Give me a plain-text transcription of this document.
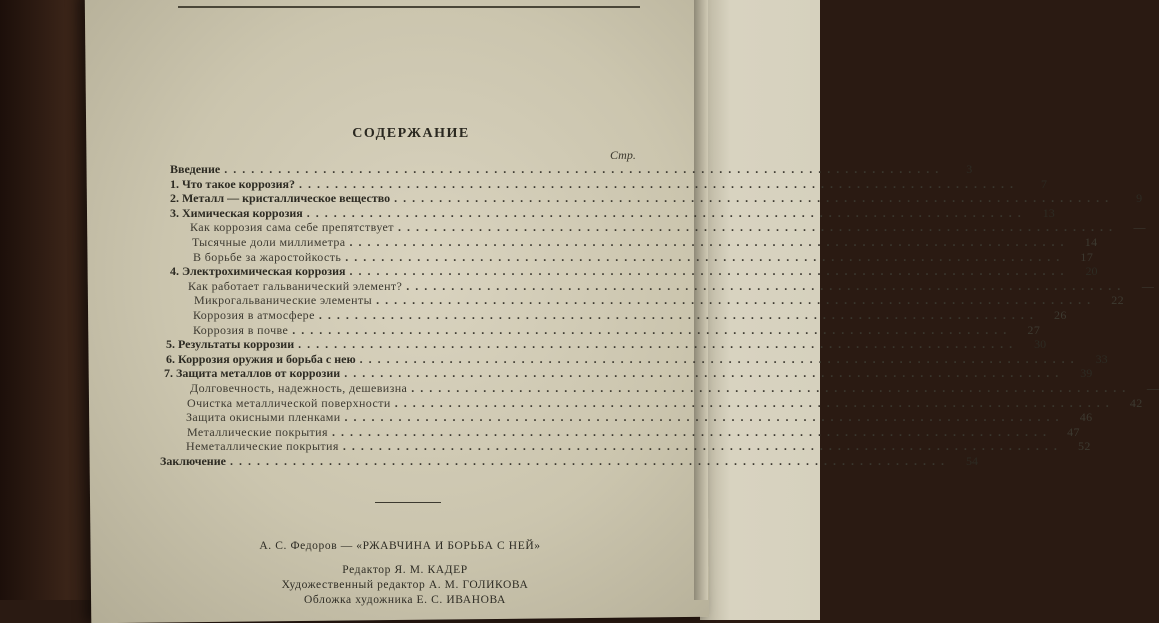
СОДЕРЖАНИЕ
Стр.
Введение ................................................................................	3
1. Что такое коррозия? ................................................................................	7
2. Металл — кристаллическое вещество ................................................................................	9
3. Химическая коррозия ................................................................................	13
Как коррозия сама себе препятствует ................................................................................	—
Тысячные доли миллиметра ................................................................................	14
В борьбе за жаростойкость ................................................................................	17
4. Электрохимическая коррозия ................................................................................	20
Как работает гальванический элемент? ................................................................................	—
Микрогальванические элементы ................................................................................	22
Коррозия в атмосфере ................................................................................	26
Коррозия в почве ................................................................................	27
5. Результаты коррозии ................................................................................	30
6. Коррозия оружия и борьба с нею ................................................................................	33
7. Защита металлов от коррозии ................................................................................	39
Долговечность, надежность, дешевизна ................................................................................	—
Очистка металлической поверхности ................................................................................	42
Защита окисными пленками ................................................................................	46
Металлические покрытия ................................................................................	47
Неметаллические покрытия ................................................................................	52
Заключение ................................................................................	54
А. С. Федоров — «РЖАВЧИНА И БОРЬБА С НЕЙ»
Редактор Я. М. КАДЕР
Художественный редактор А. М. ГОЛИКОВА
Обложка художника Е. С. ИВАНОВА
